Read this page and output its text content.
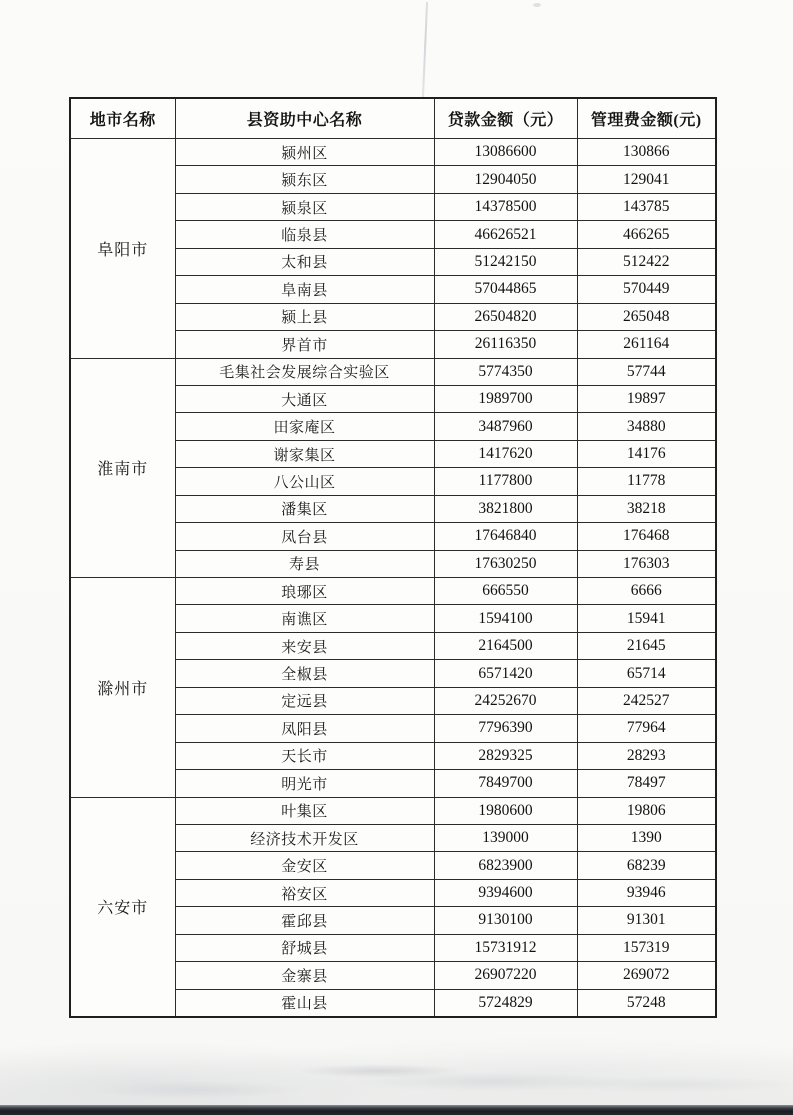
地市名称	县资助中心名称	贷款金额（元）	管理费金额(元)
阜阳市	颍州区	13086600	130866
	颍东区	12904050	129041
	颍泉区	14378500	143785
	临泉县	46626521	466265
	太和县	51242150	512422
	阜南县	57044865	570449
	颍上县	26504820	265048
	界首市	26116350	261164
淮南市	毛集社会发展综合实验区	5774350	57744
	大通区	1989700	19897
	田家庵区	3487960	34880
	谢家集区	1417620	14176
	八公山区	1177800	11778
	潘集区	3821800	38218
	凤台县	17646840	176468
	寿县	17630250	176303
滁州市	琅琊区	666550	6666
	南谯区	1594100	15941
	来安县	2164500	21645
	全椒县	6571420	65714
	定远县	24252670	242527
	凤阳县	7796390	77964
	天长市	2829325	28293
	明光市	7849700	78497
六安市	叶集区	1980600	19806
	经济技术开发区	139000	1390
	金安区	6823900	68239
	裕安区	9394600	93946
	霍邱县	9130100	91301
	舒城县	15731912	157319
	金寨县	26907220	269072
	霍山县	5724829	57248
